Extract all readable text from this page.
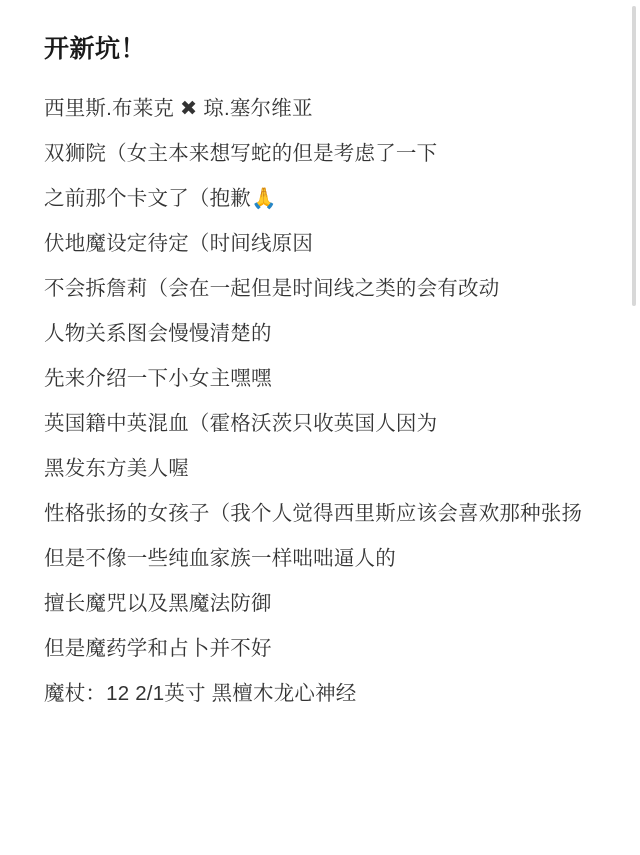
开新坑！
西里斯.布莱克 ✖ 琼.塞尔维亚
双狮院（女主本来想写蛇的但是考虑了一下
之前那个卡文了（抱歉🙏
伏地魔设定待定（时间线原因
不会拆詹莉（会在一起但是时间线之类的会有改动
人物关系图会慢慢清楚的
先来介绍一下小女主嘿嘿
英国籍中英混血（霍格沃茨只收英国人因为
黑发东方美人喔
性格张扬的女孩子（我个人觉得西里斯应该会喜欢那种张扬但是不像一些纯血家族一样咄咄逼人的
擅长魔咒以及黑魔法防御
但是魔药学和占卜并不好
魔杖：12 2/1英寸 黑檀木龙心神经
